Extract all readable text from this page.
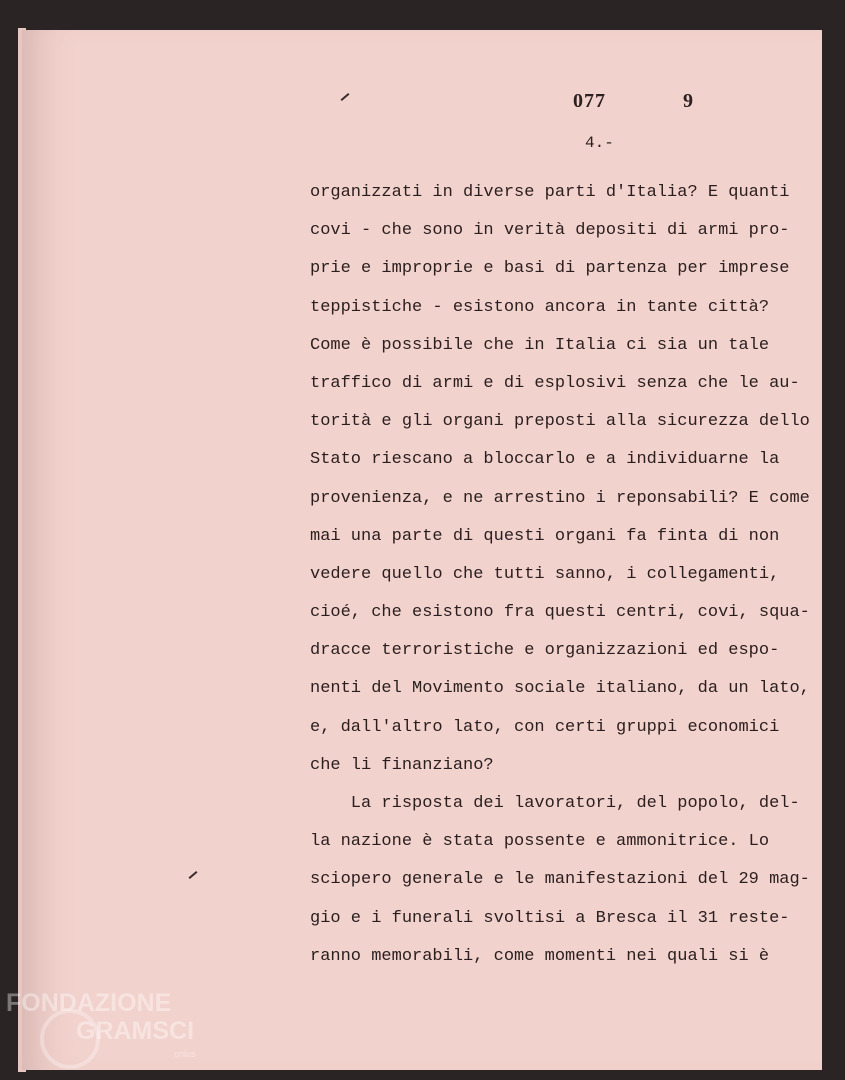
077	9
4.-
organizzati in diverse parti d'Italia? E quanti
covi - che sono in verità depositi di armi pro-
prie e improprie e basi di partenza per imprese
teppistiche - esistono ancora in tante città?
Come è possibile che in Italia ci sia un tale
traffico di armi e di esplosivi senza che le au-
torità e gli organi preposti alla sicurezza dello
Stato riescano a bloccarlo e a individuarne la
provenienza, e ne arrestino i reponsabili? E come
mai una parte di questi organi fa finta di non
vedere quello che tutti sanno, i collegamenti,
cioé, che esistono fra questi centri, covi, squa-
dracce terroristiche e organizzazioni ed espo-
nenti del Movimento sociale italiano, da un lato,
e, dall'altro lato, con certi gruppi economici
che li finanziano?
La risposta dei lavoratori, del popolo, del-
la nazione è stata possente e ammonitrice. Lo
sciopero generale e le manifestazioni del 29 mag-
gio e i funerali svoltisi a Bresca il 31 reste-
ranno memorabili, come momenti nei quali si è
FONDAZIONE
GRAMSCI
onlus
